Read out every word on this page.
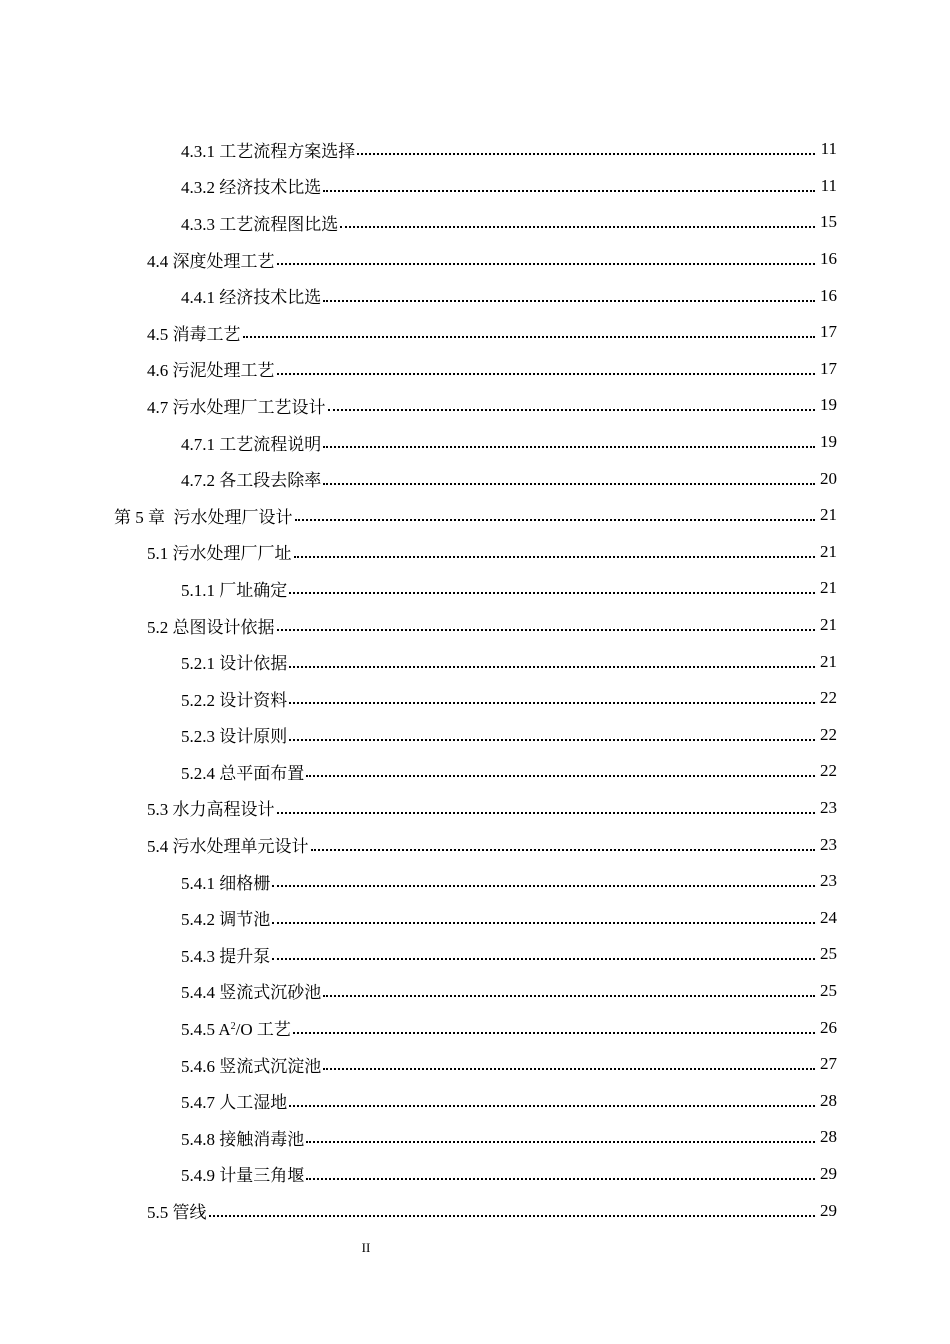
4.3.1 工艺流程方案选择	11
4.3.2 经济技术比选	11
4.3.3 工艺流程图比选	15
4.4 深度处理工艺	16
4.4.1 经济技术比选	16
4.5 消毒工艺	17
4.6 污泥处理工艺	17
4.7 污水处理厂工艺设计	19
4.7.1 工艺流程说明	19
4.7.2 各工段去除率	20
第 5 章  污水处理厂设计	21
5.1 污水处理厂厂址	21
5.1.1 厂址确定	21
5.2 总图设计依据	21
5.2.1 设计依据	21
5.2.2 设计资料	22
5.2.3 设计原则	22
5.2.4 总平面布置	22
5.3 水力高程设计	23
5.4 污水处理单元设计	23
5.4.1 细格栅	23
5.4.2 调节池	24
5.4.3 提升泵	25
5.4.4 竖流式沉砂池	25
5.4.5 $A^2/O$ 工艺	26
5.4.6 竖流式沉淀池	27
5.4.7 人工湿地	28
5.4.8 接触消毒池	28
5.4.9 计量三角堰	29
5.5 管线	29
II
